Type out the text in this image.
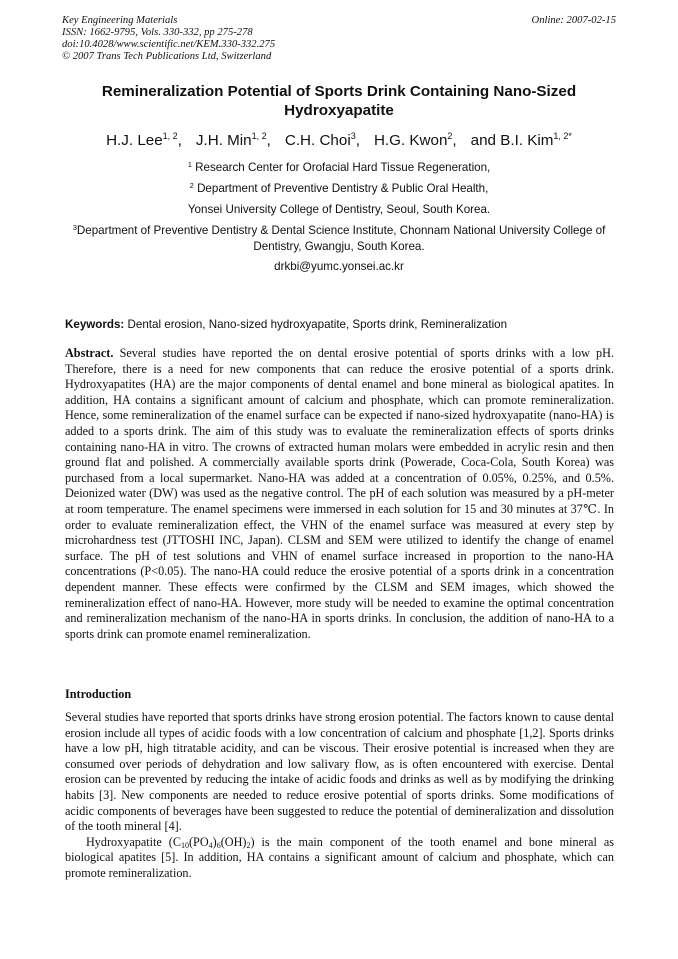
Key Engineering Materials
ISSN: 1662-9795, Vols. 330-332, pp 275-278
doi:10.4028/www.scientific.net/KEM.330-332.275
© 2007 Trans Tech Publications Ltd, Switzerland
Online: 2007-02-15
Remineralization Potential of Sports Drink Containing Nano-Sized Hydroxyapatite
H.J. Lee$^{1, 2}$, J.H. Min$^{1, 2}$, C.H. Choi$^3$, H.G. Kwon$^2$, and B.I. Kim$^{1, 2*}$
$^1$ Research Center for Orofacial Hard Tissue Regeneration,
$^2$ Department of Preventive Dentistry & Public Oral Health,
Yonsei University College of Dentistry, Seoul, South Korea.
$^3$Department of Preventive Dentistry & Dental Science Institute, Chonnam National University College of Dentistry, Gwangju, South Korea.
drkbi@yumc.yonsei.ac.kr
Keywords: Dental erosion, Nano-sized hydroxyapatite, Sports drink, Remineralization
Abstract. Several studies have reported the on dental erosive potential of sports drinks with a low pH. Therefore, there is a need for new components that can reduce the erosive potential of a sports drink. Hydroxyapatites (HA) are the major components of dental enamel and bone mineral as biological apatites. In addition, HA contains a significant amount of calcium and phosphate, which can promote remineralization. Hence, some remineralization of the enamel surface can be expected if nano-sized hydroxyapatite (nano-HA) is added to a sports drink. The aim of this study was to evaluate the remineralization effects of sports drinks containing nano-HA in vitro. The crowns of extracted human molars were embedded in acrylic resin and then ground flat and polished. A commercially available sports drink (Powerade, Coca-Cola, South Korea) was purchased from a local supermarket. Nano-HA was added at a concentration of 0.05%, 0.25%, and 0.5%. Deionized water (DW) was used as the negative control. The pH of each solution was measured by a pH-meter at room temperature. The enamel specimens were immersed in each solution for 15 and 30 minutes at 37℃. In order to evaluate remineralization effect, the VHN of the enamel surface was measured at every step by microhardness test (JTTOSHI INC, Japan). CLSM and SEM were utilized to identify the change of enamel surface. The pH of test solutions and VHN of enamel surface increased in proportion to the nano-HA concentrations (P<0.05). The nano-HA could reduce the erosive potential of a sports drink in a concentration dependent manner. These effects were confirmed by the CLSM and SEM images, which showed the remineralization effect of nano-HA. However, more study will be needed to examine the optimal concentration and remineralization mechanism of the nano-HA in sports drinks. In conclusion, the addition of nano-HA to a sports drink can promote enamel remineralization.
Introduction

Several studies have reported that sports drinks have strong erosion potential. The factors known to cause dental erosion include all types of acidic foods with a low concentration of calcium and phosphate [1,2]. Sports drinks have a low pH, high titratable acidity, and can be viscous. Their erosive potential is increased when they are consumed over periods of dehydration and low salivary flow, as is often encountered with exercise. Dental erosion can be prevented by reducing the intake of acidic foods and drinks as well as by modifying the drinking habits [3]. New components are needed to reduce erosive potential of sports drinks. Some modifications of acidic components of beverages have been suggested to reduce the potential of demineralization and dissolution of the tooth mineral [4].

Hydroxyapatite $(C_{10}(PO_4)_6(OH)_2)$ is the main component of the tooth enamel and bone mineral as biological apatites [5]. In addition, HA contains a significant amount of calcium and phosphate, which can promote remineralization.
